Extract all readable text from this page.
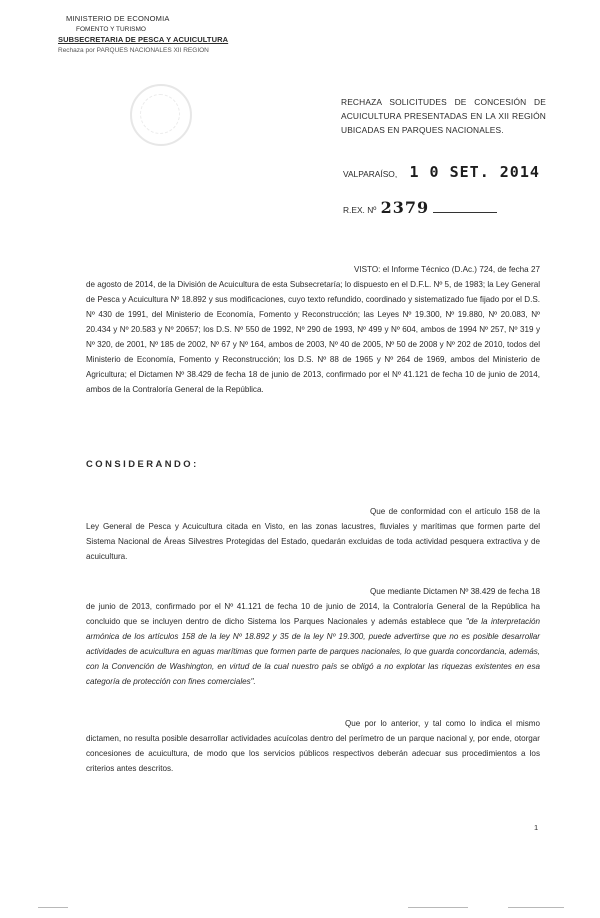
MINISTERIO DE ECONOMIA
FOMENTO Y TURISMO
SUBSECRETARIA DE PESCA Y ACUICULTURA
Rechaza por PARQUES NACIONALES XII REGION
RECHAZA SOLICITUDES DE CONCESIÓN DE ACUICULTURA PRESENTADAS EN LA XII REGIÓN UBICADAS EN PARQUES NACIONALES.
VALPARAÍSO, 1 0 SET. 2014
R.EX. Nº 2379
VISTO: el Informe Técnico (D.Ac.) 724, de fecha 27 de agosto de 2014, de la División de Acuicultura de esta Subsecretaría; lo dispuesto en el D.F.L. Nº 5, de 1983; la Ley General de Pesca y Acuicultura Nº 18.892 y sus modificaciones, cuyo texto refundido, coordinado y sistematizado fue fijado por el D.S. Nº 430 de 1991, del Ministerio de Economía, Fomento y Reconstrucción; las Leyes Nº 19.300, Nº 19.880, Nº 20.083, Nº 20.434 y Nº 20.583 y Nº 20657; los D.S. Nº 550 de 1992, Nº 290 de 1993, Nº 499 y Nº 604, ambos de 1994 Nº 257, Nº 319 y Nº 320, de 2001, Nº 185 de 2002, Nº 67 y Nº 164, ambos de 2003, Nº 40 de 2005, Nº 50 de 2008 y Nº 202 de 2010, todos del Ministerio de Economía, Fomento y Reconstrucción; los D.S. Nº 88 de 1965 y Nº 264 de 1969, ambos del Ministerio de Agricultura; el Dictamen Nº 38.429 de fecha 18 de junio de 2013, confirmado por el Nº 41.121 de fecha 10 de junio de 2014, ambos de la Contraloría General de la República.
CONSIDERANDO:
Que de conformidad con el artículo 158 de la Ley General de Pesca y Acuicultura citada en Visto, en las zonas lacustres, fluviales y marítimas que formen parte del Sistema Nacional de Áreas Silvestres Protegidas del Estado, quedarán excluidas de toda actividad pesquera extractiva y de acuicultura.
Que mediante Dictamen Nº 38.429 de fecha 18 de junio de 2013, confirmado por el Nº 41.121 de fecha 10 de junio de 2014, la Contraloría General de la República ha concluido que se incluyen dentro de dicho Sistema los Parques Nacionales y además establece que "de la interpretación armónica de los artículos 158 de la ley Nº 18.892 y 35 de la ley Nº 19.300, puede advertirse que no es posible desarrollar actividades de acuicultura en aguas marítimas que formen parte de parques nacionales, lo que guarda concordancia, además, con la Convención de Washington, en virtud de la cual nuestro país se obligó a no explotar las riquezas existentes en esa categoría de protección con fines comerciales".
Que por lo anterior, y tal como lo indica el mismo dictamen, no resulta posible desarrollar actividades acuícolas dentro del perímetro de un parque nacional y, por ende, otorgar concesiones de acuicultura, de modo que los servicios públicos respectivos deberán adecuar sus procedimientos a los criterios antes descritos.
1
